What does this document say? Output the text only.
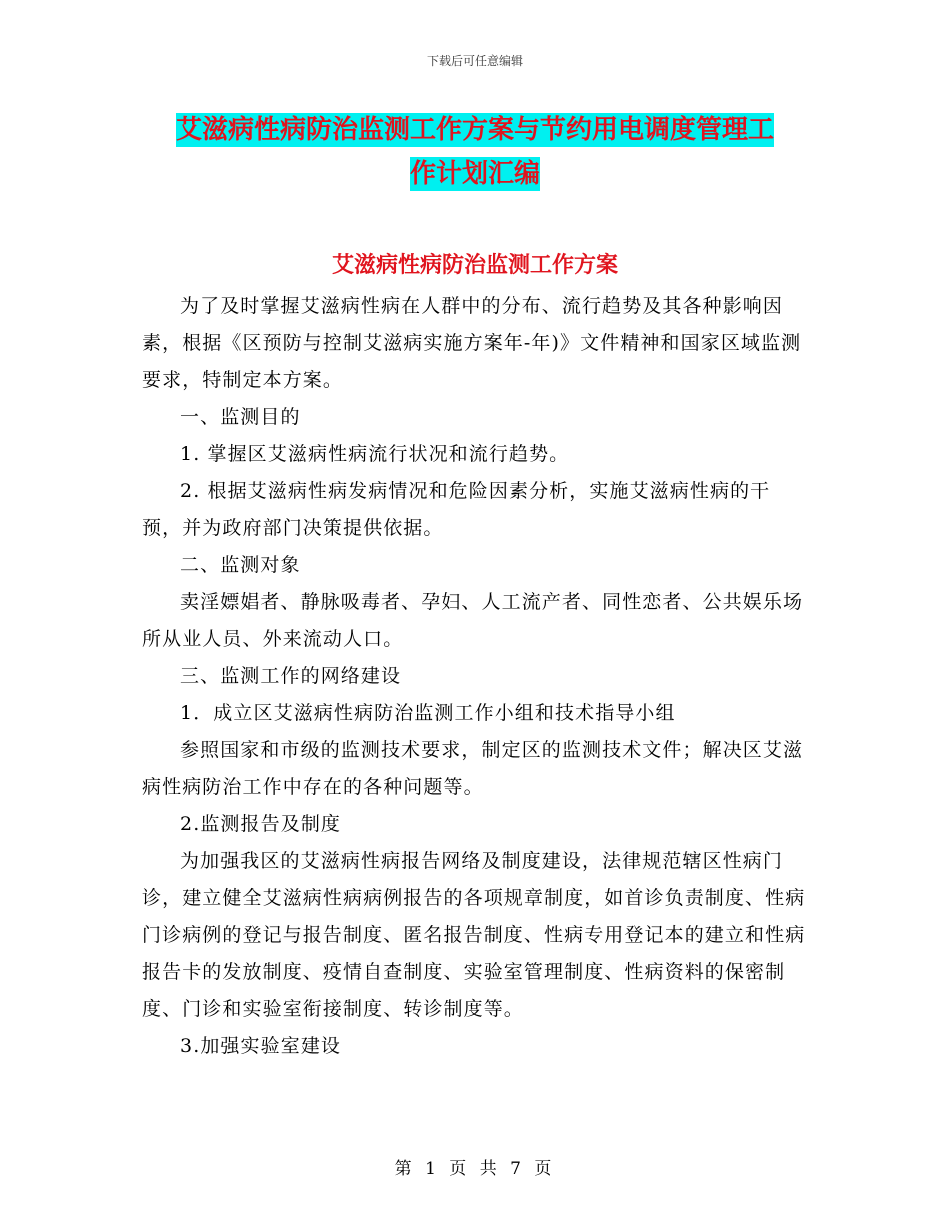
下载后可任意编辑
艾滋病性病防治监测工作方案与节约用电调度管理工
作计划汇编
艾滋病性病防治监测工作方案

为了及时掌握艾滋病性病在人群中的分布、流行趋势及其各种影响因素，根据《区预防与控制艾滋病实施方案年-年)》文件精神和国家区域监测要求，特制定本方案。

一、监测目的

1. 掌握区艾滋病性病流行状况和流行趋势。

2. 根据艾滋病性病发病情况和危险因素分析，实施艾滋病性病的干预，并为政府部门决策提供依据。

二、监测对象

卖淫嫖娼者、静脉吸毒者、孕妇、人工流产者、同性恋者、公共娱乐场所从业人员、外来流动人口。

三、监测工作的网络建设

1．成立区艾滋病性病防治监测工作小组和技术指导小组

参照国家和市级的监测技术要求，制定区的监测技术文件；解决区艾滋病性病防治工作中存在的各种问题等。

2.监测报告及制度

为加强我区的艾滋病性病报告网络及制度建设，法律规范辖区性病门诊，建立健全艾滋病性病病例报告的各项规章制度，如首诊负责制度、性病门诊病例的登记与报告制度、匿名报告制度、性病专用登记本的建立和性病报告卡的发放制度、疫情自查制度、实验室管理制度、性病资料的保密制度、门诊和实验室衔接制度、转诊制度等。

3.加强实验室建设

第 1 页 共 7 页
